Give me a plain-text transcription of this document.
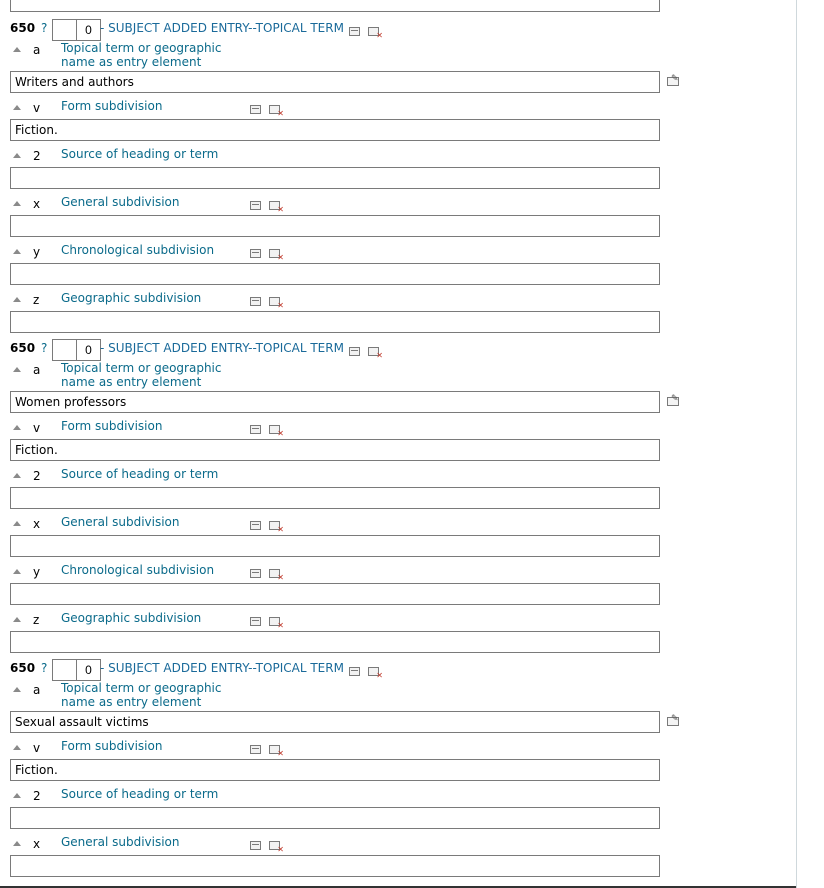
650 ?
0	- SUBJECT ADDED ENTRY--TOPICAL TERM
✕
a Topical term or geographic name as entry element
Writers and authors
✎
v Form subdivision
✕
Fiction.
2 Source of heading or term
x General subdivision
✕
y Chronological subdivision
✕
z Geographic subdivision
✕
650 ?
0	- SUBJECT ADDED ENTRY--TOPICAL TERM
✕
a Topical term or geographic name as entry element
Women professors
✎
v Form subdivision
✕
Fiction.
2 Source of heading or term
x General subdivision
✕
y Chronological subdivision
✕
z Geographic subdivision
✕
650 ?
0	- SUBJECT ADDED ENTRY--TOPICAL TERM
✕
a Topical term or geographic name as entry element
Sexual assault victims
✎
v Form subdivision
✕
Fiction.
2 Source of heading or term
x General subdivision
✕
